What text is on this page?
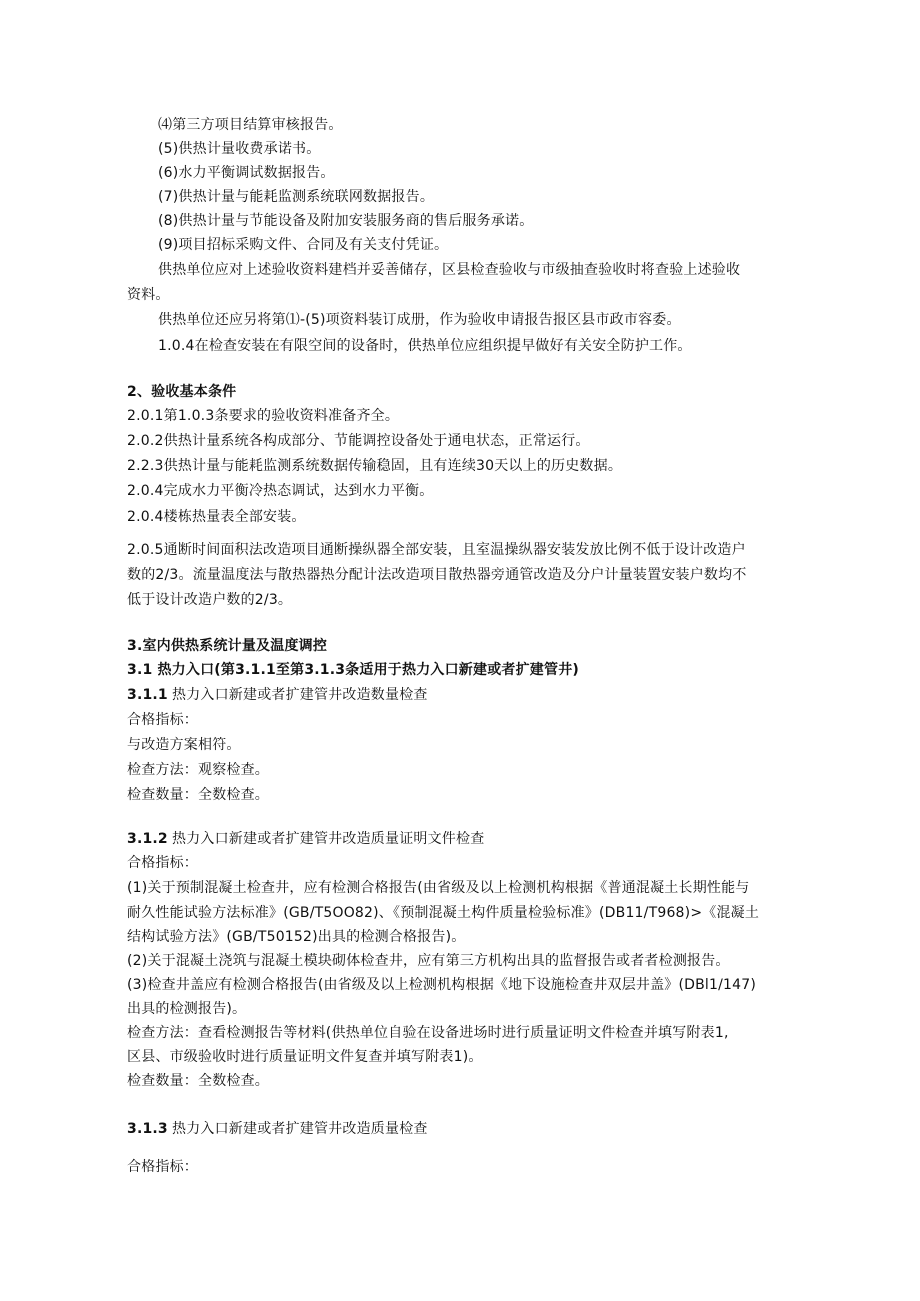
⑷第三方项目结算审核报告。
(5)供热计量收费承诺书。
(6)水力平衡调试数据报告。
(7)供热计量与能耗监测系统联网数据报告。
(8)供热计量与节能设备及附加安装服务商的售后服务承诺。
(9)项目招标采购文件、合同及有关支付凭证。
供热单位应对上述验收资料建档并妥善储存，区县检查验收与市级抽查验收时将查验上述验收
资料。
供热单位还应另将第⑴-(5)项资料装订成册，作为验收申请报告报区县市政市容委。
1.0.4在检查安装在有限空间的设备时，供热单位应组织提早做好有关安全防护工作。
2、验收基本条件
2.0.1第1.0.3条要求的验收资料准备齐全。
2.0.2供热计量系统各构成部分、节能调控设备处于通电状态，正常运行。
2.2.3供热计量与能耗监测系统数据传输稳固，且有连续30天以上的历史数据。
2.0.4完成水力平衡冷热态调试，达到水力平衡。
2.0.4楼栋热量表全部安装。
2.0.5通断时间面积法改造项目通断操纵器全部安装，且室温操纵器安装发放比例不低于设计改造户
数的2/3。流量温度法与散热器热分配计法改造项目散热器旁通管改造及分户计量装置安装户数均不
低于设计改造户数的2/3。
3.室内供热系统计量及温度调控
3.1 热力入口(第3.1.1至第3.1.3条适用于热力入口新建或者扩建管井)
3.1.1 热力入口新建或者扩建管井改造数量检查
合格指标：
与改造方案相符。
检查方法：观察检查。
检查数量：全数检查。
3.1.2 热力入口新建或者扩建管井改造质量证明文件检查
合格指标：
(1)关于预制混凝土检查井，应有检测合格报告(由省级及以上检测机构根据《普通混凝土长期性能与
耐久性能试验方法标准》(GB/T5OO82)、《预制混凝土构件质量检验标准》(DB11/T968)>《混凝土
结构试验方法》(GB/T50152)出具的检测合格报告)。
(2)关于混凝土浇筑与混凝土模块砌体检查井，应有第三方机构出具的监督报告或者者检测报告。
(3)检查井盖应有检测合格报告(由省级及以上检测机构根据《地下设施检查井双层井盖》(DBl1/147)
出具的检测报告)。
检查方法：查看检测报告等材料(供热单位自验在设备进场时进行质量证明文件检查并填写附表1,
区县、市级验收时进行质量证明文件复查并填写附表1)。
检查数量：全数检查。
3.1.3 热力入口新建或者扩建管井改造质量检查
合格指标：
